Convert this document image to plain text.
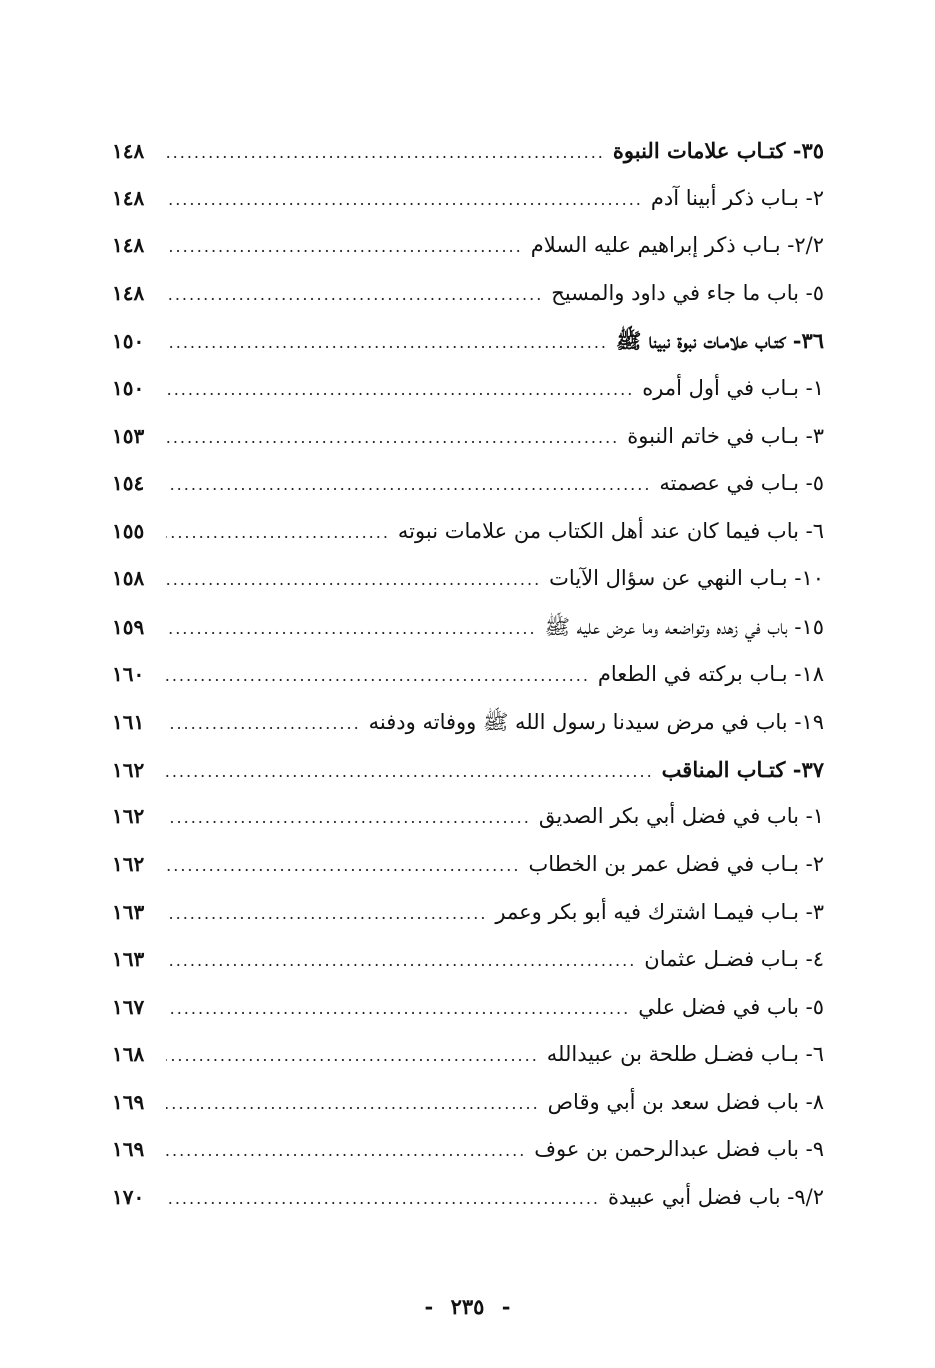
٣٥- كتـاب علامات النبوة
.....
١٤٨
٢- بـاب ذكر أبينا آدم
.....
١٤٨
٢/٢- بـاب ذكر إبراهيم عليه السلام
.....
١٤٨
٥- باب ما جاء في داود والمسيح
.....
١٤٨
٣٦- كتـاب علامـات نبوة نبينا ﷺ
.....
١٥٠
١- بـاب في أول أمره
.....
١٥٠
٣- بـاب في خاتم النبوة
.....
١٥٣
٥- بـاب في عصمته
.....
١٥٤
٦- باب فيما كان عند أهل الكتاب من علامات نبوته
.....
١٥٥
١٠- بـاب النهي عن سؤال الآيات
.....
١٥٨
١٥- باب في زهده وتواضعه وما عرض عليه ﷺ
.....
١٥٩
١٨- بـاب بركته في الطعام
.....
١٦٠
١٩- باب في مرض سيدنا رسول الله ﷺ ووفاته ودفنه
.....
١٦١
٣٧- كتـاب المناقب
.....
١٦٢
١- باب في فضل أبي بكر الصديق
.....
١٦٢
٢- بـاب في فضل عمر بن الخطاب
.....
١٦٢
٣- بـاب فيمـا اشترك فيه أبو بكر وعمر
.....
١٦٣
٤- بـاب فضـل عثمان
.....
١٦٣
٥- باب في فضل علي
.....
١٦٧
٦- بـاب فضـل طلحة بن عبيدالله
.....
١٦٨
٨- باب فضل سعد بن أبي وقاص
.....
١٦٩
٩- باب فضل عبدالرحمن بن عوف
.....
١٦٩
٩/٢- باب فضل أبي عبيدة
.....
١٧٠
- ٢٣٥ -
